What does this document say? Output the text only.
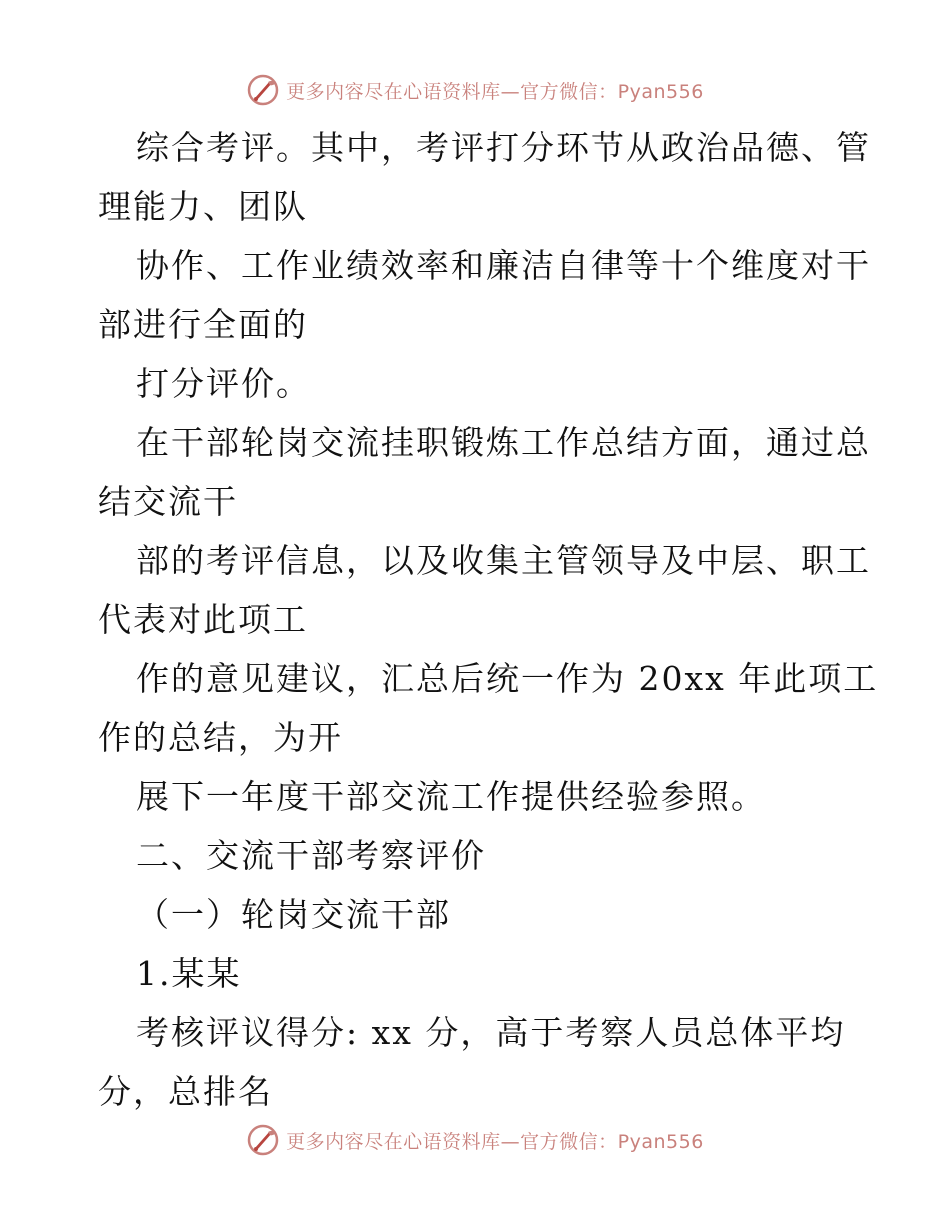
更多内容尽在心语资料库—官方微信：Pyan556
综合考评。其中，考评打分环节从政治品德、管
理能力、团队
协作、工作业绩效率和廉洁自律等十个维度对干
部进行全面的
打分评价。
在干部轮岗交流挂职锻炼工作总结方面，通过总
结交流干
部的考评信息，以及收集主管领导及中层、职工
代表对此项工
作的意见建议，汇总后统一作为 20xx 年此项工
作的总结，为开
展下一年度干部交流工作提供经验参照。
二、交流干部考察评价
（一）轮岗交流干部
1.某某
考核评议得分: xx 分，高于考察人员总体平均
分，总排名
更多内容尽在心语资料库—官方微信：Pyan556
